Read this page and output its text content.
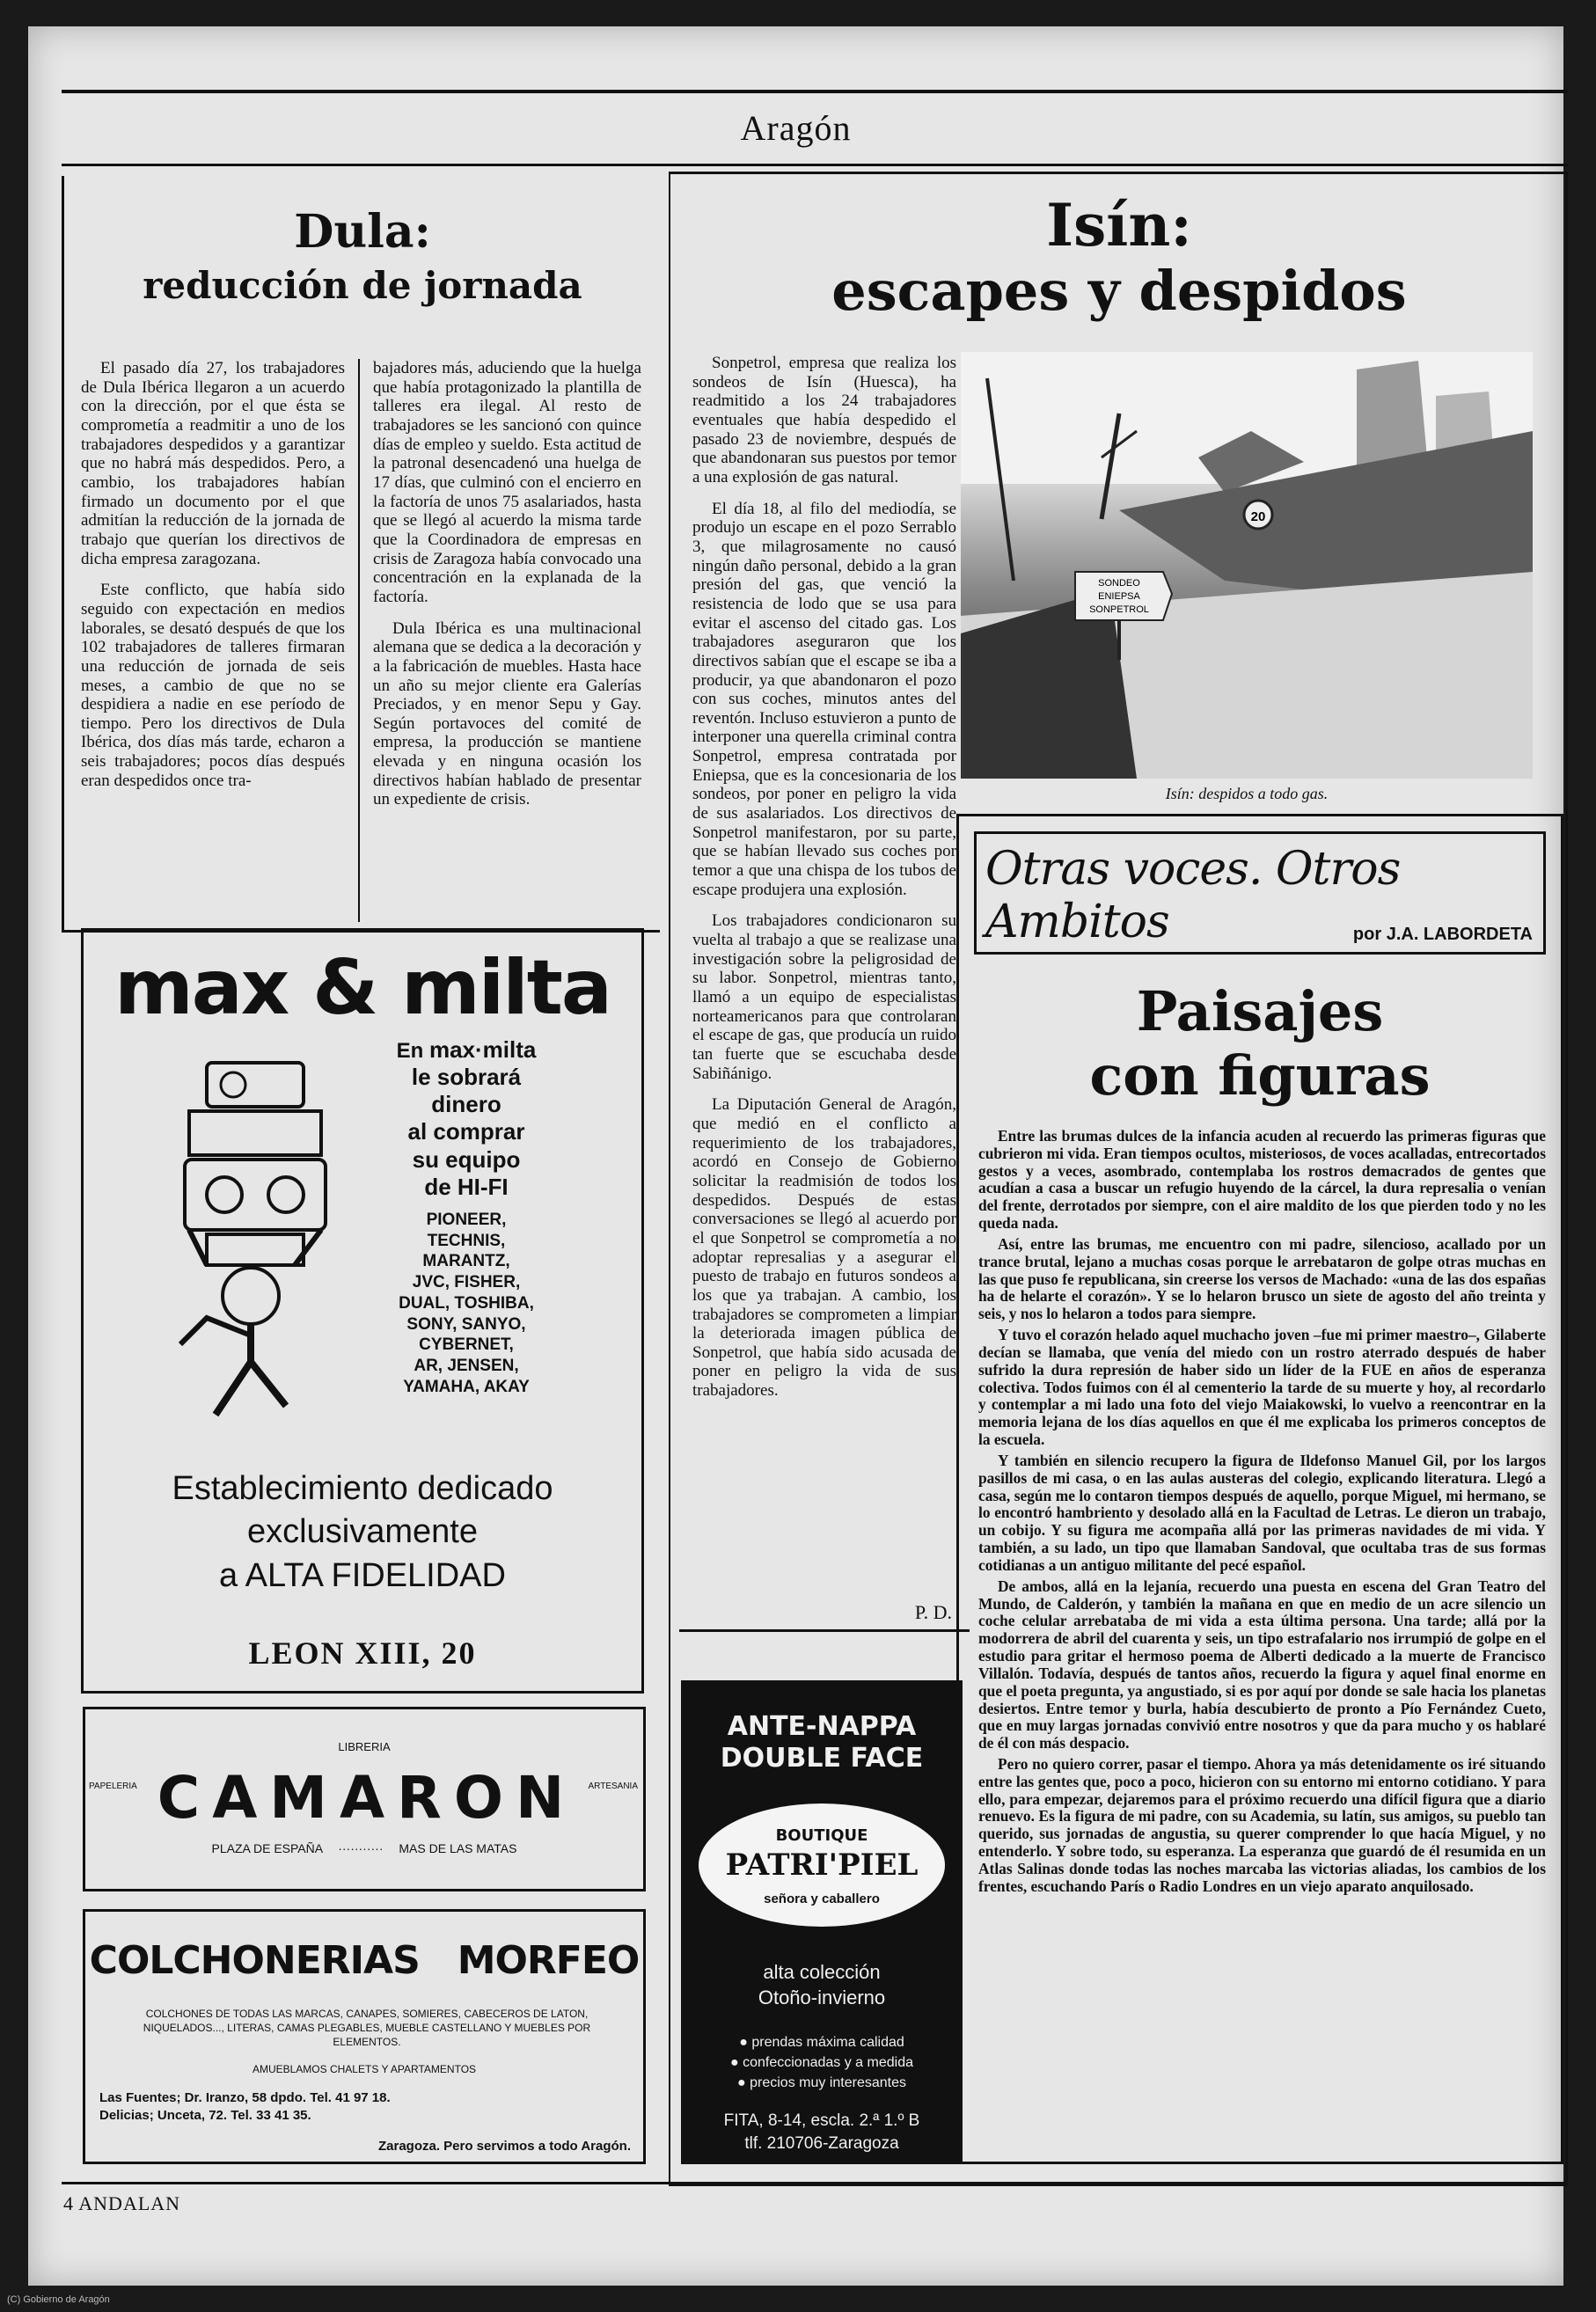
Aragón
Dula:
reducción de jornada

El pasado día 27, los trabajadores de Dula Ibérica llegaron a un acuerdo con la dirección, por el que ésta se comprometía a readmitir a uno de los trabajadores despedidos y a garantizar que no habrá más despedidos. Pero, a cambio, los trabajadores habían firmado un documento por el que admitían la reducción de la jornada de trabajo que querían los directivos de dicha empresa zaragozana.

Este conflicto, que había sido seguido con expectación en medios laborales, se desató después de que los 102 trabajadores de talleres firmaran una reducción de jornada de seis meses, a cambio de que no se despidiera a nadie en ese período de tiempo. Pero los directivos de Dula Ibérica, dos días más tarde, echaron a seis trabajadores; pocos días después eran despedidos once tra-

bajadores más, aduciendo que la huelga que había protagonizado la plantilla de talleres era ilegal. Al resto de trabajadores se les sancionó con quince días de empleo y sueldo. Esta actitud de la patronal desencadenó una huelga de 17 días, que culminó con el encierro en la factoría de unos 75 asalariados, hasta que se llegó al acuerdo la misma tarde que la Coordinadora de empresas en crisis de Zaragoza había convocado una concentración en la explanada de la factoría.

Dula Ibérica es una multinacional alemana que se dedica a la decoración y a la fabricación de muebles. Hasta hace un año su mejor cliente era Galerías Preciados, y en menor Sepu y Gay. Según portavoces del comité de empresa, la producción se mantiene elevada y en ninguna ocasión los directivos habían hablado de presentar un expediente de crisis.

Isín:
escapes y despidos

Sonpetrol, empresa que realiza los sondeos de Isín (Huesca), ha readmitido a los 24 trabajadores eventuales que había despedido el pasado 23 de noviembre, después de que abandonaran sus puestos por temor a una explosión de gas natural.

El día 18, al filo del mediodía, se produjo un escape en el pozo Serrablo 3, que milagrosamente no causó ningún daño personal, debido a la gran presión del gas, que venció la resistencia de lodo que se usa para evitar el ascenso del citado gas. Los trabajadores aseguraron que los directivos sabían que el escape se iba a producir, ya que abandonaron el pozo con sus coches, minutos antes del reventón. Incluso estuvieron a punto de interponer una querella criminal contra Sonpetrol, empresa contratada por Eniepsa, que es la concesionaria de los sondeos, por poner en peligro la vida de sus asalariados. Los directivos de Sonpetrol manifestaron, por su parte, que se habían llevado sus coches por temor a que una chispa de los tubos de escape produjera una explosión.

Los trabajadores condicionaron su vuelta al trabajo a que se realizase una investigación sobre la peligrosidad de su labor. Sonpetrol, mientras tanto, llamó a un equipo de especialistas norteamericanos para que controlaran el escape de gas, que producía un ruido tan fuerte que se escuchaba desde Sabiñánigo.

La Diputación General de Aragón, que medió en el conflicto a requerimiento de los trabajadores, acordó en Consejo de Gobierno solicitar la readmisión de todos los despedidos. Después de estas conversaciones se llegó al acuerdo por el que Sonpetrol se comprometía a no adoptar represalias y a asegurar el puesto de trabajo en futuros sondeos a los que ya trabajan. A cambio, los trabajadores se comprometen a limpiar la deteriorada imagen pública de Sonpetrol, que había sido acusada de poner en peligro la vida de sus trabajadores.

P. D.
20
SONDEO
ENIEPSA
SONPETROL
Isín: despidos a todo gas.
Otras voces. Otros Ambitos	por J.A. LABORDETA
Paisajes
con figuras

Entre las brumas dulces de la infancia acuden al recuerdo las primeras figuras que cubrieron mi vida. Eran tiempos ocultos, misteriosos, de voces acalladas, entrecortados gestos y a veces, asombrado, contemplaba los rostros demacrados de gentes que acudían a casa a buscar un refugio huyendo de la cárcel, la dura represalia o venían del frente, derrotados por siempre, con el aire maldito de los que pierden todo y no les queda nada.

Así, entre las brumas, me encuentro con mi padre, silencioso, acallado por un trance brutal, lejano a muchas cosas porque le arrebataron de golpe otras muchas en las que puso fe republicana, sin creerse los versos de Machado: «una de las dos españas ha de helarte el corazón». Y se lo helaron brusco un siete de agosto del año treinta y seis, y nos lo helaron a todos para siempre.

Y tuvo el corazón helado aquel muchacho joven –fue mi primer maestro–, Gilaberte decían se llamaba, que venía del miedo con un rostro aterrado después de haber sufrido la dura represión de haber sido un líder de la FUE en años de esperanza colectiva. Todos fuimos con él al cementerio la tarde de su muerte y hoy, al recordarlo y contemplar a mi lado una foto del viejo Maiakowski, lo vuelvo a reencontrar en la memoria lejana de los días aquellos en que él me explicaba los primeros conceptos de la escuela.

Y también en silencio recupero la figura de Ildefonso Manuel Gil, por los largos pasillos de mi casa, o en las aulas austeras del colegio, explicando literatura. Llegó a casa, según me lo contaron tiempos después de aquello, porque Miguel, mi hermano, se lo encontró hambriento y desolado allá en la Facultad de Letras. Le dieron un trabajo, un cobijo. Y su figura me acompaña allá por las primeras navidades de mi vida. Y también, a su lado, un tipo que llamaban Sandoval, que ocultaba tras de sus formas cotidianas a un antiguo militante del pecé español.

De ambos, allá en la lejanía, recuerdo una puesta en escena del Gran Teatro del Mundo, de Calderón, y también la mañana en que en medio de un acre silencio un coche celular arrebataba de mi vida a esta última persona. Una tarde; allá por la modorrera de abril del cuarenta y seis, un tipo estrafalario nos irrumpió de golpe en el estudio para gritar el hermoso poema de Alberti dedicado a la muerte de Francisco Villalón. Todavía, después de tantos años, recuerdo la figura y aquel final enorme en que el poeta pregunta, ya angustiado, si es por aquí por donde se sale hacia los planetas desiertos. Entre temor y burla, había descubierto de pronto a Pío Fernández Cueto, que en muy largas jornadas convivió entre nosotros y que da para mucho y os hablaré de él con más despacio.

Pero no quiero correr, pasar el tiempo. Ahora ya más detenidamente os iré situando entre las gentes que, poco a poco, hicieron con su entorno mi entorno cotidiano. Y para ello, para empezar, dejaremos para el próximo recuerdo una difícil figura que a diario renuevo. Es la figura de mi padre, con su Academia, su latín, sus amigos, su pueblo tan querido, sus jornadas de angustia, su querer comprender lo que hacía Miguel, y no entenderlo. Y sobre todo, su esperanza. La esperanza que guardó de él resumida en un Atlas Salinas donde todas las noches marcaba las victorias aliadas, los cambios de los frentes, escuchando París o Radio Londres en un viejo aparato anquilosado.

max & milta
En max·milta
le sobrará
dinero
al comprar
su equipo
de HI-FI
PIONEER,
TECHNIS,
MARANTZ,
JVC, FISHER,
DUAL, TOSHIBA,
SONY, SANYO,
CYBERNET,
AR, JENSEN,
YAMAHA, AKAY
Establecimiento dedicado
exclusivamente
a ALTA FIDELIDAD
LEON XIII, 20
LIBRERIA
PAPELERIA	ARTESANIA
CAMARON
PLAZA DE ESPAÑA ··········· MAS DE LAS MATAS
COLCHONERIAS   MORFEO
COLCHONES DE TODAS LAS MARCAS, CANAPES, SOMIERES, CABECEROS DE LATON, NIQUELADOS..., LITERAS, CAMAS PLEGABLES, MUEBLE CASTELLANO Y MUEBLES POR ELEMENTOS.
AMUEBLAMOS CHALETS Y APARTAMENTOS
Las Fuentes; Dr. Iranzo, 58 dpdo. Tel. 41 97 18.
Delicias; Unceta, 72. Tel. 33 41 35.
Zaragoza. Pero servimos a todo Aragón.
ANTE-NAPPA
DOUBLE FACE
BOUTIQUE
PATRI'PIEL
señora y caballero
alta colección
Otoño-invierno
● prendas máxima calidad
● confeccionadas y a medida
● precios muy interesantes
FITA, 8-14, escla. 2.ª 1.º B
tlf. 210706-Zaragoza
4 ANDALAN
(C) Gobierno de Aragón
